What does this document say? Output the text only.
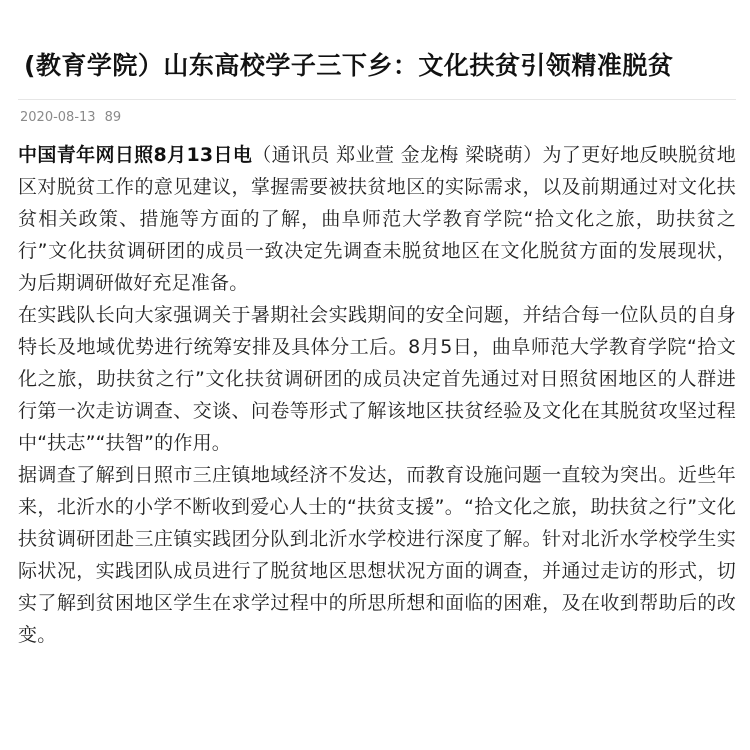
(教育学院）山东高校学子三下乡：文化扶贫引领精准脱贫
2020-08-13 89

中国青年网日照8月13日电（通讯员 郑业萱 金龙梅 梁晓萌）为了更好地反映脱贫地区对脱贫工作的意见建议，掌握需要被扶贫地区的实际需求，以及前期通过对文化扶贫相关政策、措施等方面的了解，曲阜师范大学教育学院“拾文化之旅，助扶贫之行”文化扶贫调研团的成员一致决定先调查未脱贫地区在文化脱贫方面的发展现状，为后期调研做好充足准备。

在实践队长向大家强调关于暑期社会实践期间的安全问题，并结合每一位队员的自身特长及地域优势进行统筹安排及具体分工后。8月5日，曲阜师范大学教育学院“拾文化之旅，助扶贫之行”文化扶贫调研团的成员决定首先通过对日照贫困地区的人群进行第一次走访调查、交谈、问卷等形式了解该地区扶贫经验及文化在其脱贫攻坚过程中“扶志”“扶智”的作用。

据调查了解到日照市三庄镇地域经济不发达，而教育设施问题一直较为突出。近些年来，北沂水的小学不断收到爱心人士的“扶贫支援”。“拾文化之旅，助扶贫之行”文化扶贫调研团赴三庄镇实践团分队到北沂水学校进行深度了解。针对北沂水学校学生实际状况，实践团队成员进行了脱贫地区思想状况方面的调查，并通过走访的形式，切实了解到贫困地区学生在求学过程中的所思所想和面临的困难，及在收到帮助后的改变。
